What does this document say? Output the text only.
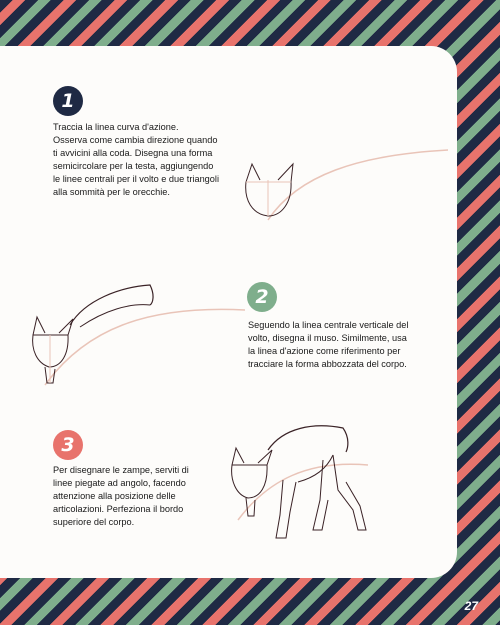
1
Traccia la linea curva d'azione.
Osserva come cambia direzione quando
ti avvicini alla coda. Disegna una forma
semicircolare per la testa, aggiungendo
le linee centrali per il volto e due triangoli
alla sommità per le orecchie.
2
Seguendo la linea centrale verticale del
volto, disegna il muso. Similmente, usa
la linea d'azione come riferimento per
tracciare la forma abbozzata del corpo.
3
Per disegnare le zampe, serviti di
linee piegate ad angolo, facendo
attenzione alla posizione delle
articolazioni. Perfeziona il bordo
superiore del corpo.
27
